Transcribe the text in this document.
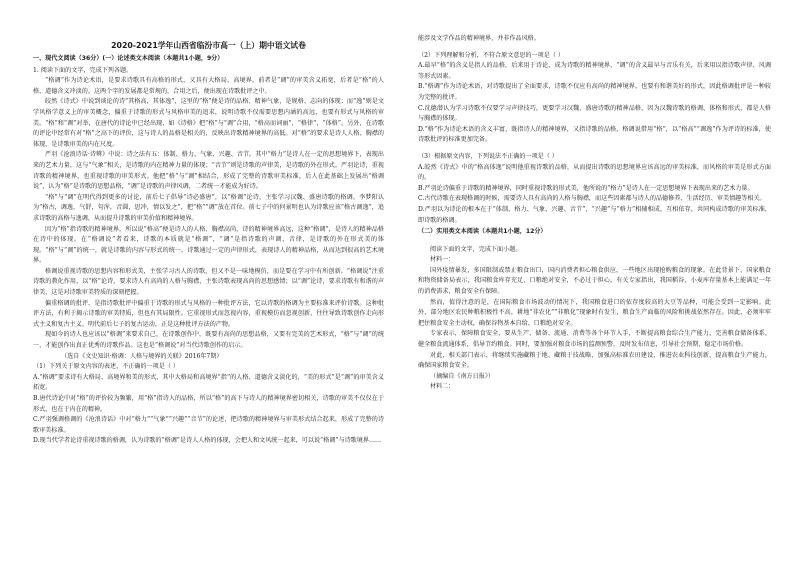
2020-2021学年山西省临汾市高一（上）期中语文试卷
一、现代文阅读（36分）(一）论述类文本阅读（本题共1小题，9分）

1. 阅读下面的文字，完成下列各题。

“格调”作为诗论术语，是要求诗歌具有高格的形式，又具有大格局、高境界，前者是“调”的审美含义拓宽，后者是“格”的人格、道德含义冲淡的。这两个字的发展都是常规的，合用之后，便出现在诗歌批评之中。

皎然《诗式》中说到谈论的诗“其格高，其体逸”，这里的“格”便是诗的品格、精神气象，是规格、志向的体现；而“逸”则是文学风格学意义上的审美概念，偏重于诗歌的形式与风格审美的追求，说明诗歌不仅需要思想内涵的高远，也要有形式与风格的审美。“格”和“调”对举，在唐代的诗论中已经出现，如《诗格》把“格”与“调”合用，“格高而词丽”，“格律”，“体格”。另外，在诗歌的评论中经常有对“格”之高下的评价，这与诗人的品格是相关的，反映出诗歌精神境界的高低。对“格”的要求是诗人人格、胸襟的体现，是诗歌审美的内在尺度。

严羽《沧浪诗话·诗辨》中说：诗之法有五：体制、格力、气象、兴趣、音节。其中“格力”是诗人在一定的思想境界下，表现出来的艺术力量，这与“气象”相关，是诗歌的内在精神力量的体现；“音节”则是诗歌的声律美，是诗歌的外在形式。严羽论诗，重视诗歌的精神境界，也重视诗歌的审美形式。他把“格”与“调”相结合，形成了完整的诗歌审美标准，后人在此基础上发展出“格调说”，认为“格”是诗歌的思想品格，“调”是诗歌的声律风调，二者统一才能成为好诗。

“格”与“调”在明代得到更多的讨论，前后七子倡导“诗必盛唐”，以“格调”论诗，主张学习汉魏、盛唐诗歌的格调。李梦阳认为“格古，调逸，气舒，句浑，音圆，思冲，情以发之”，把“格”“调”放在首位。前七子中的何景明也认为诗歌应该“格古调逸”，追求诗歌的高格与逸调，从而提升诗歌的审美价值和精神境界。

因为“格”指诗歌的精神境界，所以说“格高”便是诗人的人格、胸襟高尚，诗的精神境界高远，这种“格调”，是诗人的精神品格在诗中的体现。在“格调说”者看来，诗歌的本质就是“格调”，“调”是指诗歌的声调、音律，是诗歌的外在形式美的体现。“格”与“调”的统一，就是诗歌的内容与形式的统一。诗歌通过一定的声律形式，表现诗人的精神品格，从而达到很高的艺术境界。

格调说重视诗歌的思想内容和形式美，主张学习古人的诗歌，但又不是一味地模仿，而是要在学习中有所创新。“格调说”注重诗歌的教化作用，以“格”论诗，要求诗人有高尚的人格与胸襟，主张诗歌表现高尚的思想感情；以“调”论诗，要求诗歌有和谐的声律美，这是对诗歌审美特质的深刻把握。

偏重格调的批评，是指诗歌批评中偏重于诗歌的形式与风格的一种批评方法，它以诗歌的格调为主要标准来评价诗歌。这种批评方法，有利于揭示诗歌的审美特质，但也有其局限性。它重视形式而忽视内容，重视模仿而忽视创新，往往导致诗歌创作走向形式主义和复古主义。明代前后七子的复古运动，正是这种批评方法的产物。

现如今的诗人也应该以“格调”来要求自己，在诗歌创作中，既要有高尚的思想品格，又要有完美的艺术形式，“格”与“调”的统一，才能创作出真正优秀的诗歌作品。这也是“格调说”对当代诗歌创作的启示。

（选自《文史知识·格调：人格与境界的关联》2016年7期）

（1）下列关于原文内容的表述，不正确的一项是（ ）

A.“格调”要求诗有大格局、高境界和美的形式，其中大格局和高境界“指”的人格、道德含义淡化的，“美的形式”是“调”的审美含义拓宽。

B.唐代诗论中对“格”的评价较为频繁，用“格”指诗人的品格，所以“格”的高下与诗人的精神境界密切相关，诗歌的审美不仅仅在于形式，也在于内在的精神。

C.严羽强调格调的《沧浪诗话》中对“格力”“气象”“兴趣”“音节”的论述，把诗歌的精神境界与审美形式结合起来，形成了完整的诗歌审美标准。

D.现当代学者论诗重视诗歌的格调，认为诗歌的“格调”是诗人人格的体现，会把人和文风统一起来，可以说“格调”与诗歌境界……

能涉及文学作品的精神境界，并非作品风格。

（2）下列理解和分析，不符合原文意思的一项是（ ）

A.最早“格”的含义是指人的品格，后来用于诗论，成为诗歌的精神境界，“调”的含义最早与音乐有关，后来用以指诗歌声律、风调等形式因素。

B.“格调”作为诗论术语，对诗歌提出了全面要求，诗歌不仅应有高尚的精神境界，也要有和谐美好的形式，因此格调批评是一种较为完整的批评。

C.沈德潜认为学习诗歌不仅要学习声律技巧，更要学习汉魏、盛唐诗歌的精神品格，因为汉魏诗歌的格调、体格和形式，都是人格与胸襟的体现。

D.“格”作为诗论术语的含义丰富，既指诗人的精神境界，又指诗歌的品格，格调说借用“格”，以“格高”“调逸”作为评诗的标准，使诗歌批评的标准更加完备。

（3）根据原文内容，下列说法不正确的一项是（ ）

A.皎然《诗式》中的“格高体逸”说明他重视诗歌的品格，从而提出诗歌的思想境界应该高远的审美标准，而风格的审美是形式方面的。

B.严羽论诗偏重于诗歌的精神境界，同时重视诗歌的形式美，他所说的“格力”是诗人在一定思想境界下表现出来的艺术力量。

C.古代诗歌在表现格调的时候，需要诗人具有高尚的人格与胸襟，而这些因素都与诗人的品德修养、生活经历、审美情趣等相关。

D.严羽以为诗论的根本在于“体制、格力、气象、兴趣、音节”，“兴趣”与“格力”相辅相成，互相依存，共同构成诗歌的审美标准，即诗歌的格调。

（二）实用类文本阅读（本题共1小题，12分）

阅读下面的文字，完成下面小题。

材料一：

国外疫情暴发，多国限制或禁止粮食出口，国内消费者担心粮食供应，一些地区出现抢购粮食的现象。在此背景下，国家粮食和物资储备局表示，我国粮食库存充足，口粮绝对安全，不必过于担心。有关专家指出，我国稻谷、小麦库存量基本上能满足一年的消费需求，粮食安全有保障。

然而，值得注意的是，在国际粮食市场波动的情况下，我国粮食进口的依存度较高的大豆等品种，可能会受到一定影响。此外，部分地区农民种粮积极性不高，耕地“非农化”“非粮化”现象时有发生，粮食生产面临的风险和挑战依然存在。因此，必须牢牢把住粮食安全主动权，确保谷物基本自给、口粮绝对安全。

专家表示，保障粮食安全，要从生产、储备、流通、消费等各个环节入手，不断提高粮食综合生产能力，完善粮食储备体系，健全粮食流通体系，倡导节约粮食。同时，要加强对粮食市场的监测预警，及时发布信息，引导社会预期，稳定市场价格。

对此，相关部门表示，将继续实施藏粮于地、藏粮于技战略，加强高标准农田建设，推进农业科技创新，提高粮食生产能力，确保国家粮食安全。

（摘编自《南方日报》）

材料二：
